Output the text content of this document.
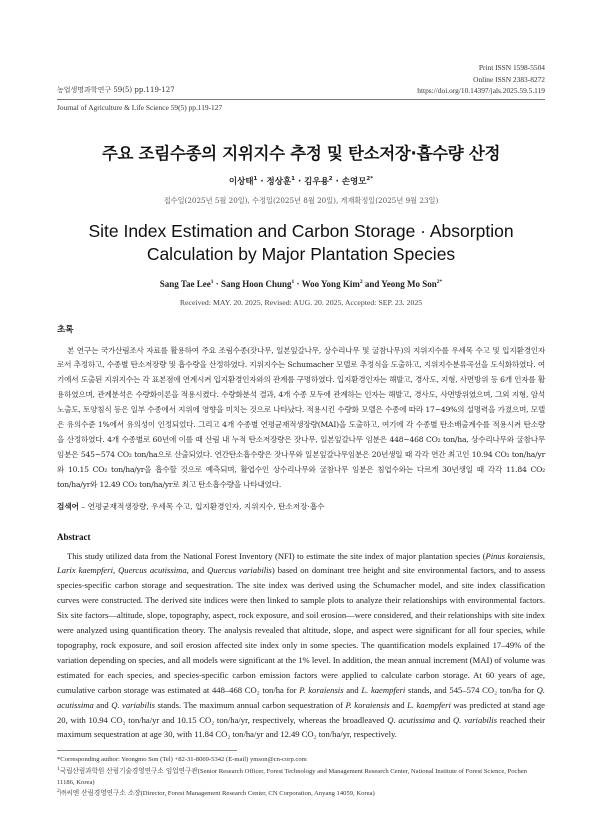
농업생명과학연구 59(5) pp.119-127
Print ISSN 1598-5504
Online ISSN 2383-8272
https://doi.org/10.14397/jals.2025.59.5.119
Journal of Agriculture & Life Science 59(5) pp.119-127
주요 조림수종의 지위지수 추정 및 탄소저장·흡수량 산정
이상태$^1$ · 정상훈$^1$ · 김우용$^2$ · 손영모$^{2*}$
접수일(2025년 5월 20일), 수정일(2025년 8월 20일), 게재확정일(2025년 9월 23일)
Site Index Estimation and Carbon Storage · Absorption Calculation by Major Plantation Species
Sang Tae Lee$^1$ · Sang Hoon Chung$^1$ · Woo Yong Kim$^2$ and Yeong Mo Son$^{2*}$
Received: MAY. 20. 2025, Revised: AUG. 20. 2025, Accepted: SEP. 23. 2025
초록
본 연구는 국가산림조사 자료를 활용하여 주요 조림수종(잣나무, 일본잎갈나무, 상수리나무 및 굴참나무)의 지위지수를 우세목 수고 및 입지환경인자로서 추정하고, 수종별 탄소저장량 및 흡수량을 산정하였다. 지위지수는 Schumacher 모델로 추정식을 도출하고, 지위지수분류곡선을 도식화하였다. 여기에서 도출된 지위지수는 각 표본점에 연계시켜 입지환경인자와의 관계를 구명하였다. 입지환경인자는 해발고, 경사도, 지형, 사면방위 등 6개 인자를 활용하였으며, 관계분석은 수량화이론을 적용시켰다. 수량화분석 결과, 4개 수종 모두에 관계하는 인자는 해발고, 경사도, 사면방위였으며, 그외 지형, 암석노출도, 토양침식 등은 일부 수종에서 지위에 영향을 미치는 것으로 나타났다. 적용시킨 수량화 모델은 수종에 따라 17~49%의 설명력을 가졌으며, 모델은 유의수준 1%에서 유의성이 인정되었다. 그리고 4개 수종별 연평균재적생장량(MAI)을 도출하고, 여기에 각 수종별 탄소배출계수를 적용시켜 탄소량을 산정하였다. 4개 수종별로 60년에 이를 때 산림 내 누적 탄소저장량은 잣나무, 일본잎갈나무 임분은 448~468 CO₂ ton/ha, 상수리나무와 굴참나무 임분은 545~574 CO₂ ton/ha으로 산출되었다. 연간탄소흡수량은 잣나무와 일본잎갈나무임분은 20년생일 때 각각 연간 최고인 10.94 CO₂ ton/ha/yr와 10.15 CO₂ ton/ha/yr을 흡수할 것으로 예측되며, 활엽수인 상수리나무와 굴참나무 임분은 침엽수와는 다르게 30년생일 때 각각 11.84 CO₂ ton/ha/yr와 12.49 CO₂ ton/ha/yr로 최고 탄소흡수량을 나타내었다.
검색어 – 연평균재적생장량, 우세목 수고, 입지환경인자, 지위지수, 탄소저장·흡수
Abstract
This study utilized data from the National Forest Inventory (NFI) to estimate the site index of major plantation species (Pinus koraiensis, Larix kaempferi, Quercus acutissima, and Quercus variabilis) based on dominant tree height and site environmental factors, and to assess species-specific carbon storage and sequestration. The site index was derived using the Schumacher model, and site index classification curves were constructed. The derived site indices were then linked to sample plots to analyze their relationships with environmental factors. Six site factors—altitude, slope, topography, aspect, rock exposure, and soil erosion—were considered, and their relationships with site index were analyzed using quantification theory. The analysis revealed that altitude, slope, and aspect were significant for all four species, while topography, rock exposure, and soil erosion affected site index only in some species. The quantification models explained 17–49% of the variation depending on species, and all models were significant at the 1% level. In addition, the mean annual increment (MAI) of volume was estimated for each species, and species-specific carbon emission factors were applied to calculate carbon storage. At 60 years of age, cumulative carbon storage was estimated at 448–468 CO₂ ton/ha for P. koraiensis and L. kaempferi stands, and 545–574 CO₂ ton/ha for Q. acutissima and Q. variabilis stands. The maximum annual carbon sequestration of P. koraiensis and L. kaempferi was predicted at stand age 20, with 10.94 CO₂ ton/ha/yr and 10.15 CO₂ ton/ha/yr, respectively, whereas the broadleaved Q. acutissima and Q. variabilis reached their maximum sequestration at age 30, with 11.84 CO₂ ton/ha/yr and 12.49 CO₂ ton/ha/yr, respectively.
*Corresponding author: Yeongmo Son (Tel) +82-31-8069-5342 (E-mail) ymson@cn-corp.com
$^1$국립산림과학원 산림기술경영연구소 임업연구관(Senior Research Officer, Forest Technology and Management Research Center, National Institute of Forest Science, Pochen 11186, Korea)
$^2$㈜씨엔 산림경영연구소 소장(Director, Forest Management Research Center, CN Corporation, Anyang 14059, Korea)
